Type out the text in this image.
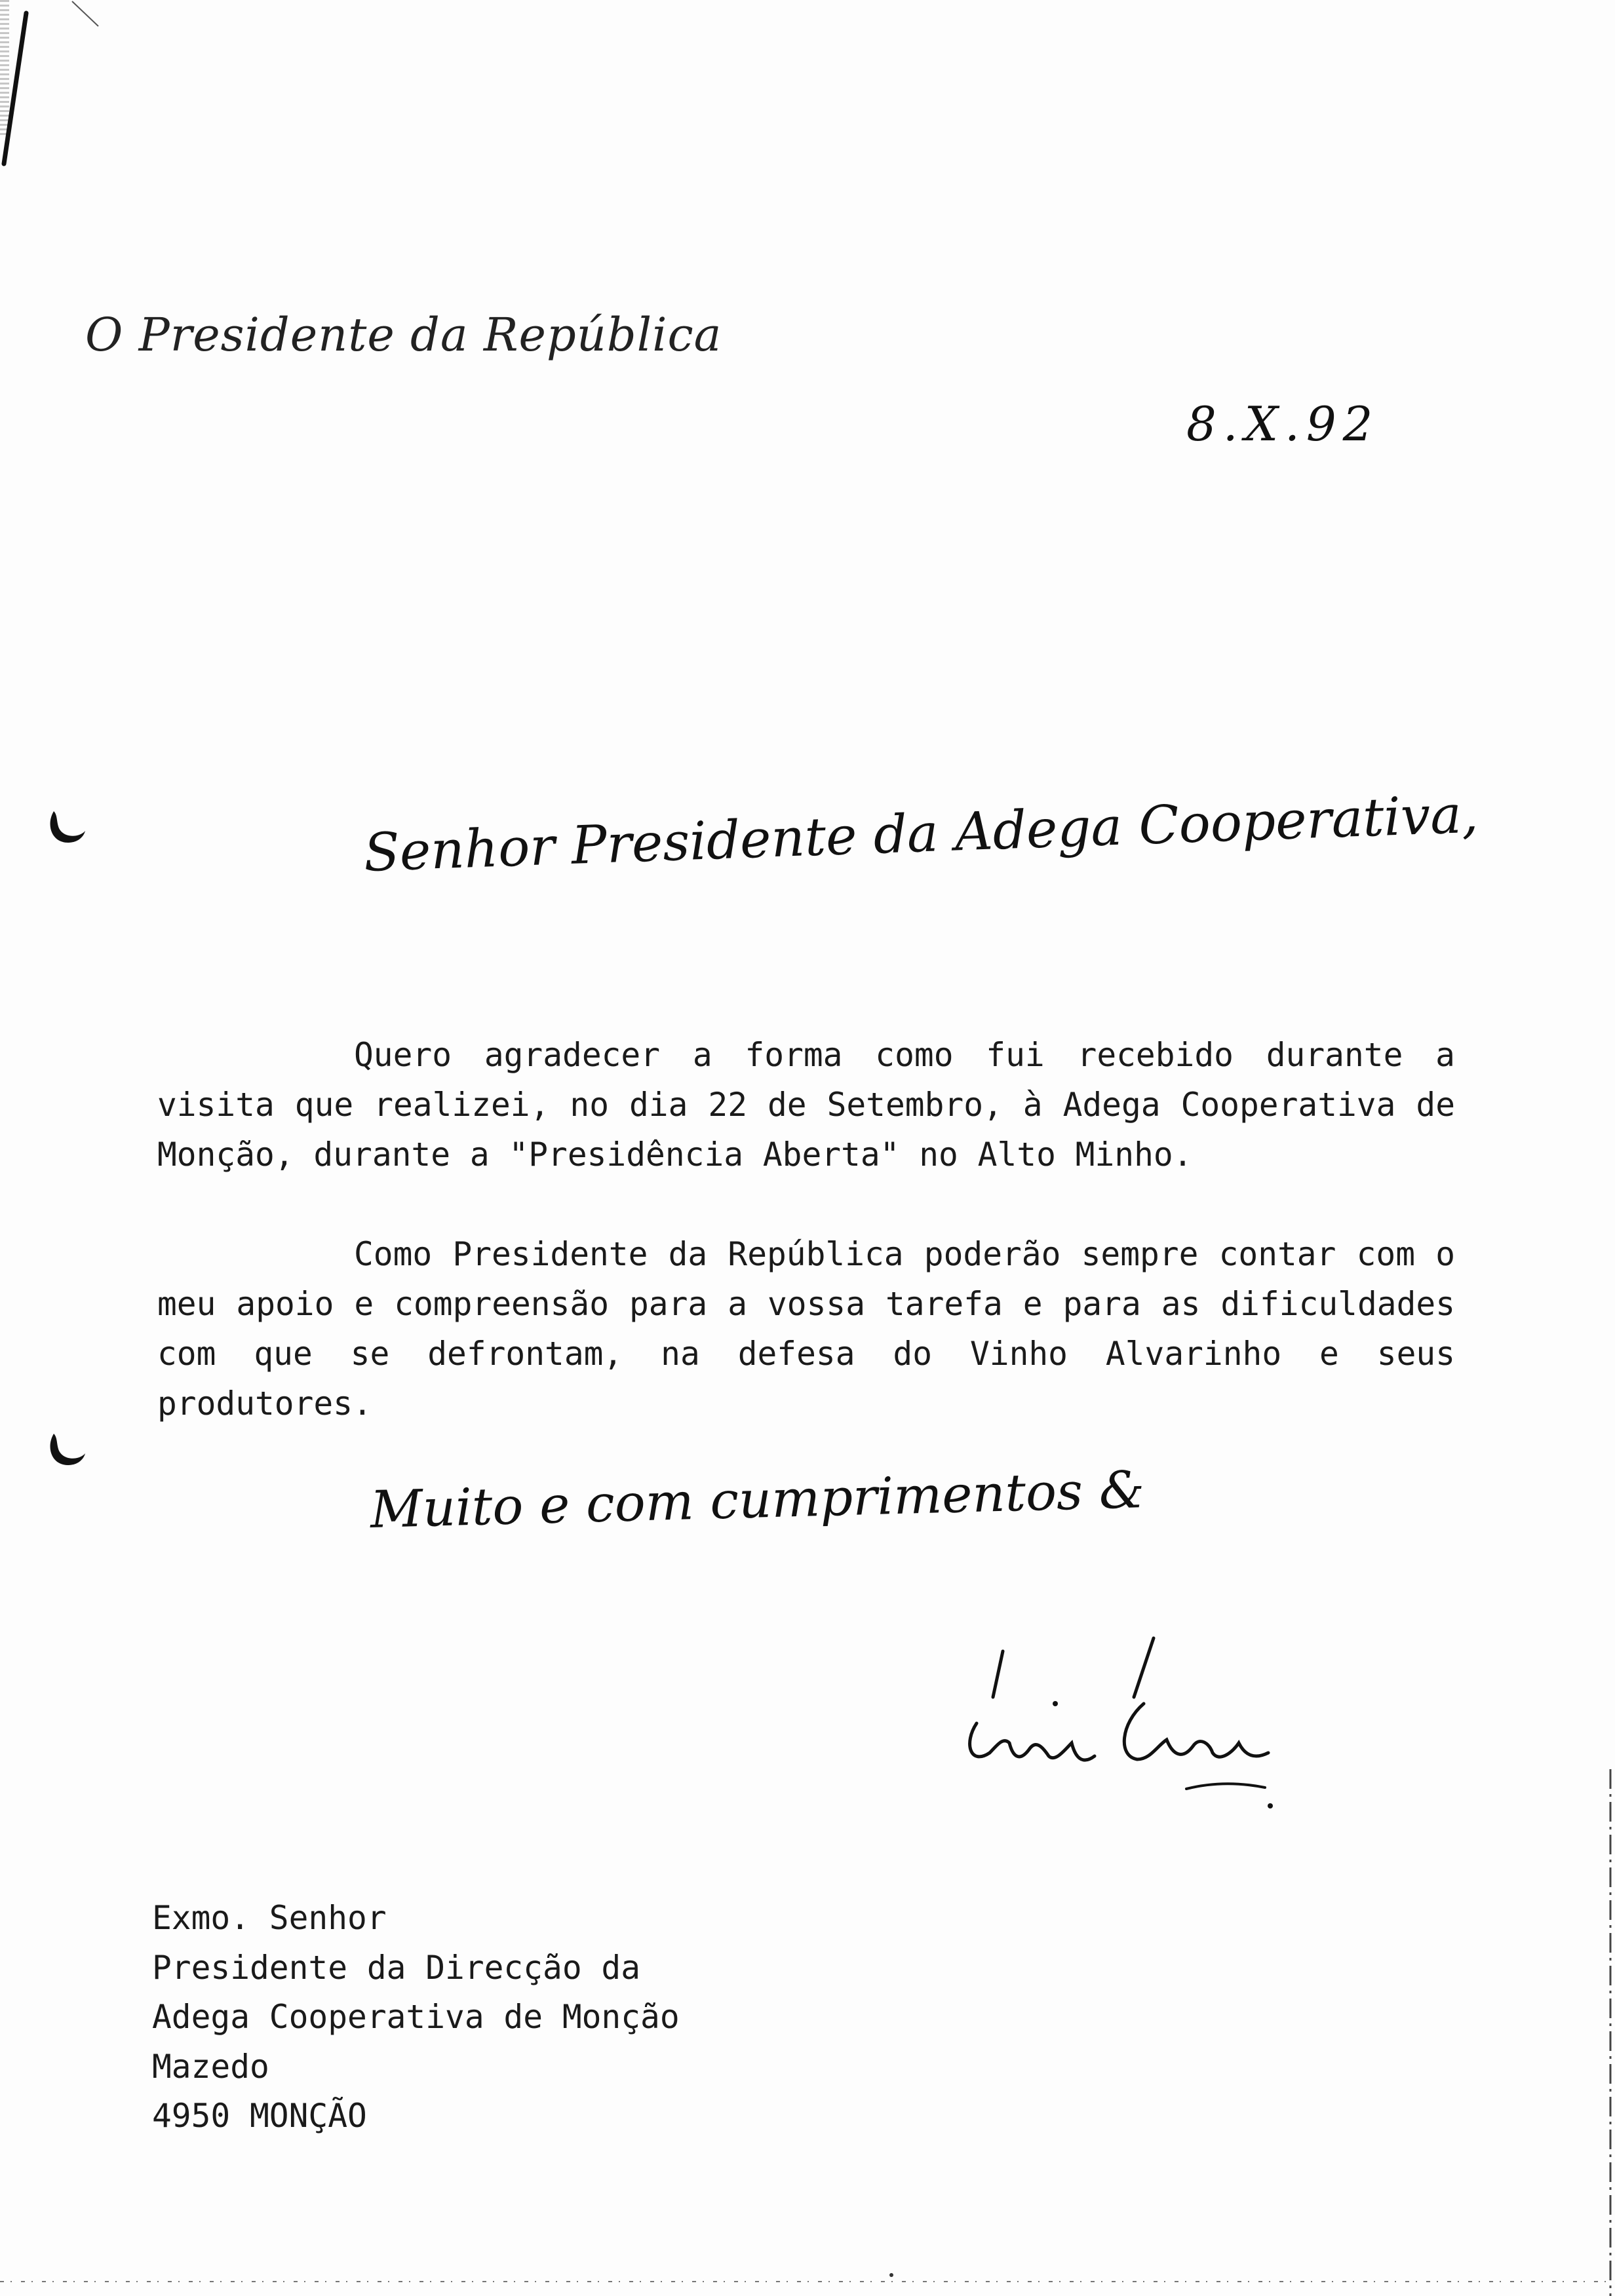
O Presidente da República
8.X.92
Senhor Presidente da Adega Cooperativa,

Quero agradecer a forma como fui recebido durante a visita que realizei, no dia 22 de Setembro, à Adega Cooperativa de Monção, durante a "Presidência Aberta" no Alto Minho.

Como Presidente da República poderão sempre contar com o meu apoio e compreensão para a vossa tarefa e para as dificuldades com que se defrontam, na defesa do Vinho Alvarinho e seus produtores.

Muito e com cumprimentos &
Exmo. Senhor
Presidente da Direcção da
Adega Cooperativa de Monção
Mazedo
4950 MONÇÃO
